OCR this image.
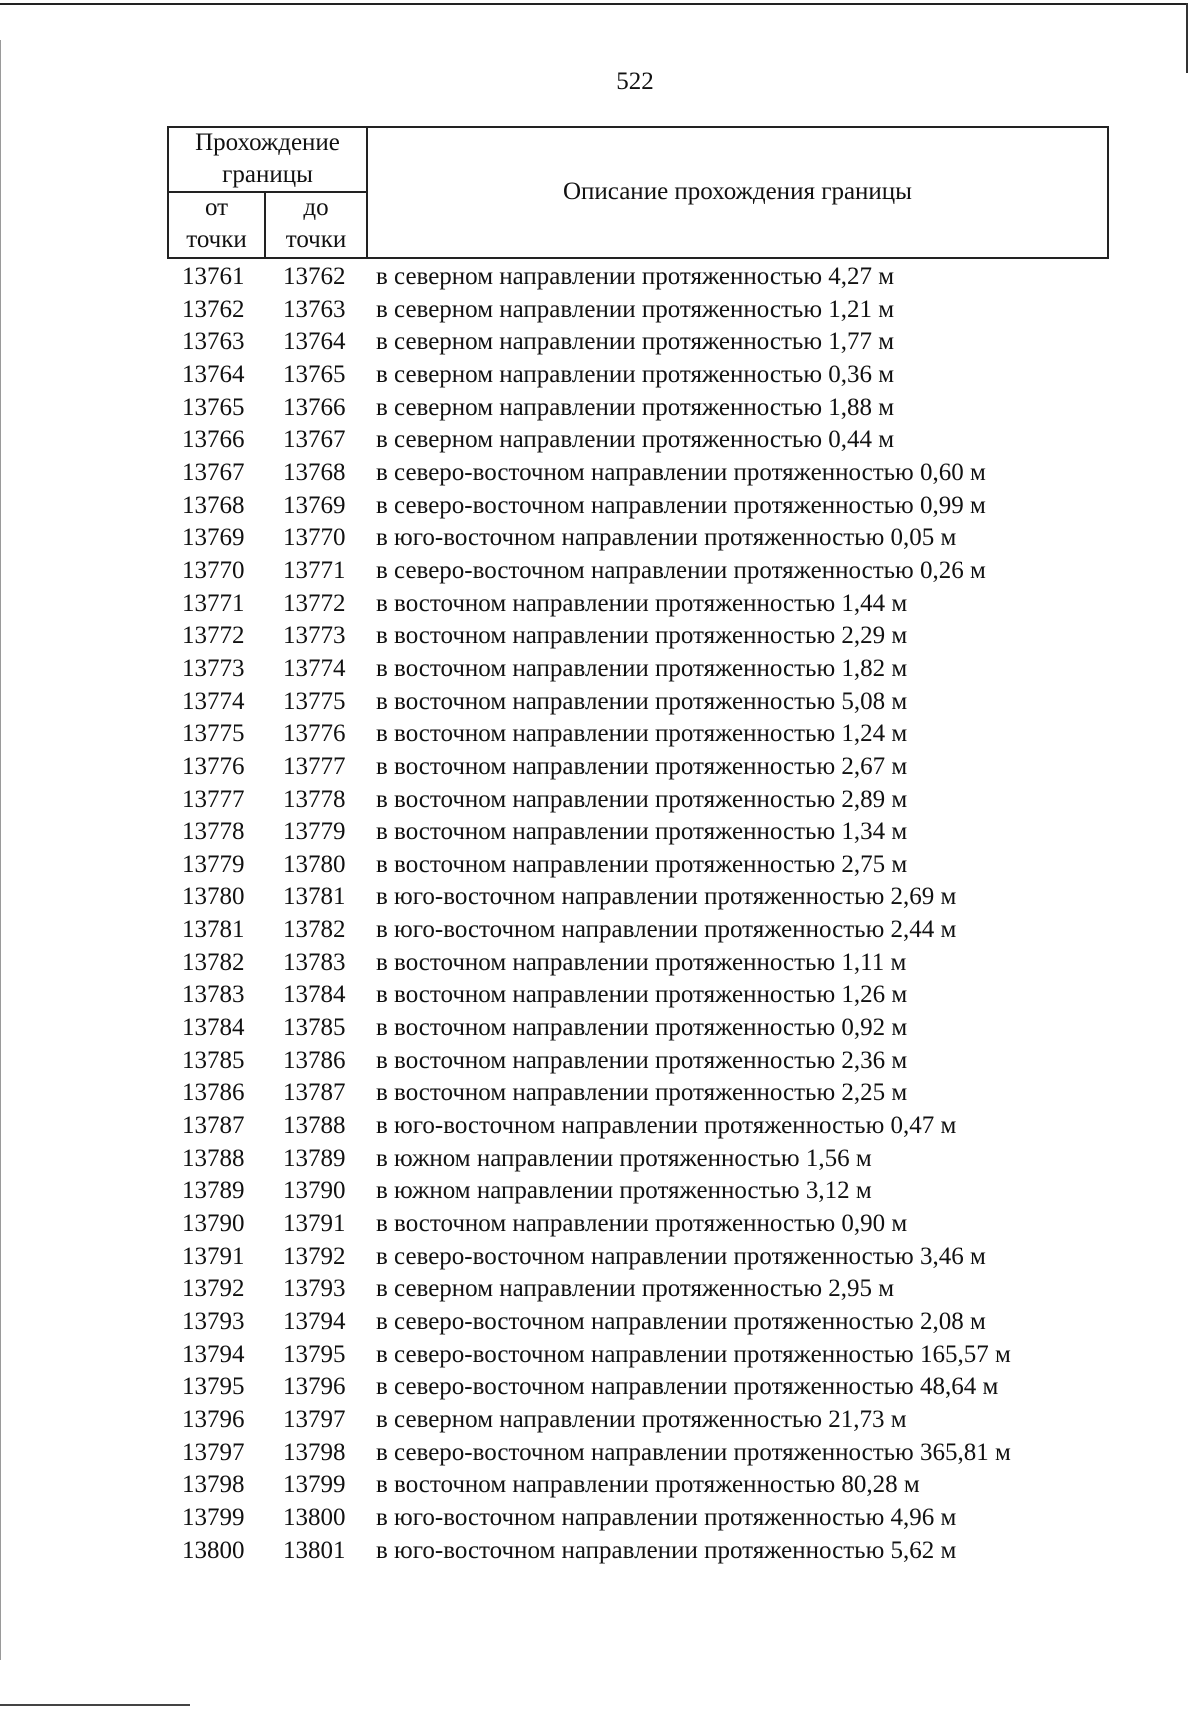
522
Прохождение
границы
от
точки
до
точки
Описание прохождения границы
13761	13762	в северном направлении протяженностью 4,27 м
13762	13763	в северном направлении протяженностью 1,21 м
13763	13764	в северном направлении протяженностью 1,77 м
13764	13765	в северном направлении протяженностью 0,36 м
13765	13766	в северном направлении протяженностью 1,88 м
13766	13767	в северном направлении протяженностью 0,44 м
13767	13768	в северо-восточном направлении протяженностью 0,60 м
13768	13769	в северо-восточном направлении протяженностью 0,99 м
13769	13770	в юго-восточном направлении протяженностью 0,05 м
13770	13771	в северо-восточном направлении протяженностью 0,26 м
13771	13772	в восточном направлении протяженностью 1,44 м
13772	13773	в восточном направлении протяженностью 2,29 м
13773	13774	в восточном направлении протяженностью 1,82 м
13774	13775	в восточном направлении протяженностью 5,08 м
13775	13776	в восточном направлении протяженностью 1,24 м
13776	13777	в восточном направлении протяженностью 2,67 м
13777	13778	в восточном направлении протяженностью 2,89 м
13778	13779	в восточном направлении протяженностью 1,34 м
13779	13780	в восточном направлении протяженностью 2,75 м
13780	13781	в юго-восточном направлении протяженностью 2,69 м
13781	13782	в юго-восточном направлении протяженностью 2,44 м
13782	13783	в восточном направлении протяженностью 1,11 м
13783	13784	в восточном направлении протяженностью 1,26 м
13784	13785	в восточном направлении протяженностью 0,92 м
13785	13786	в восточном направлении протяженностью 2,36 м
13786	13787	в восточном направлении протяженностью 2,25 м
13787	13788	в юго-восточном направлении протяженностью 0,47 м
13788	13789	в южном направлении протяженностью 1,56 м
13789	13790	в южном направлении протяженностью 3,12 м
13790	13791	в восточном направлении протяженностью 0,90 м
13791	13792	в северо-восточном направлении протяженностью 3,46 м
13792	13793	в северном направлении протяженностью 2,95 м
13793	13794	в северо-восточном направлении протяженностью 2,08 м
13794	13795	в северо-восточном направлении протяженностью 165,57 м
13795	13796	в северо-восточном направлении протяженностью 48,64 м
13796	13797	в северном направлении протяженностью 21,73 м
13797	13798	в северо-восточном направлении протяженностью 365,81 м
13798	13799	в восточном направлении протяженностью 80,28 м
13799	13800	в юго-восточном направлении протяженностью 4,96 м
13800	13801	в юго-восточном направлении протяженностью 5,62 м
